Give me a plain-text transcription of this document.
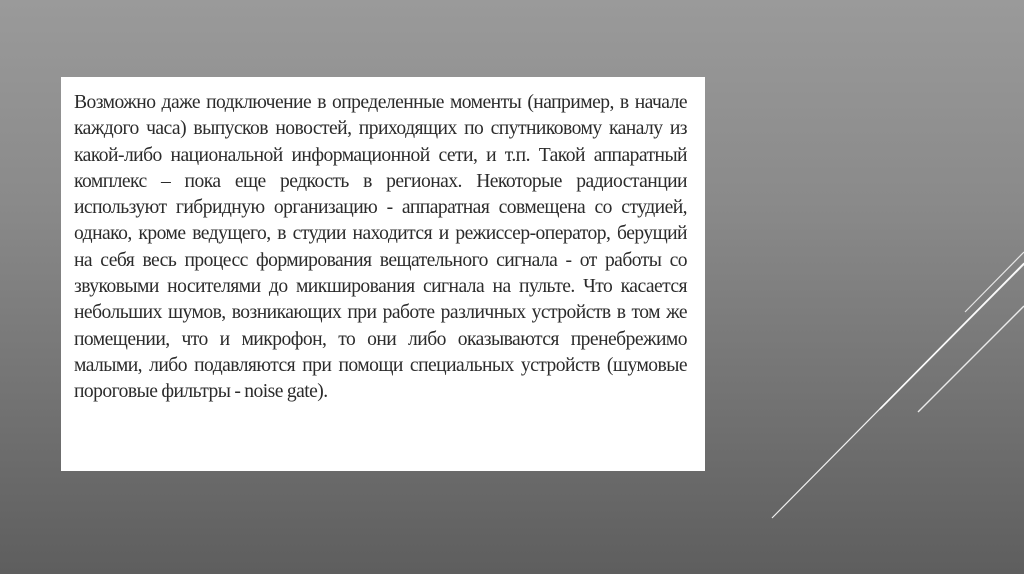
Возможно даже подключение в определенные моменты (например, в начале
каждого часа) выпусков новостей, приходящих по спутниковому каналу из
какой-либо национальной информационной сети, и т.п. Такой аппаратный
комплекс – пока еще редкость в регионах. Некоторые радиостанции
используют гибридную организацию - аппаратная совмещена со студией,
однако, кроме ведущего, в студии находится и режиссер-оператор, берущий
на себя весь процесс формирования вещательного сигнала - от работы со
звуковыми носителями до микширования сигнала на пульте. Что касается
небольших шумов, возникающих при работе различных устройств в том же
помещении, что и микрофон, то они либо оказываются пренебрежимо
малыми, либо подавляются при помощи специальных устройств (шумовые
пороговые фильтры - noise gate).
